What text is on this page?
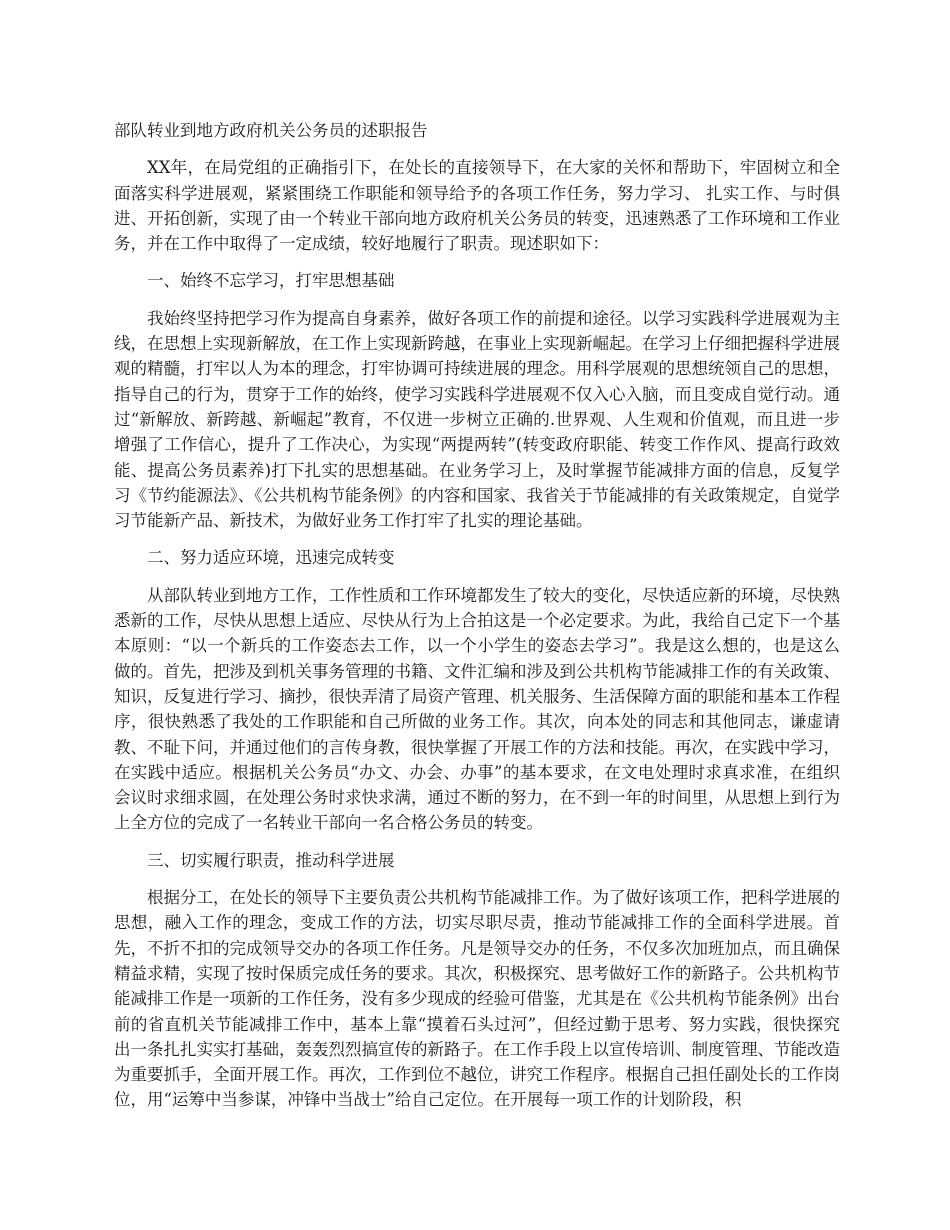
部队转业到地方政府机关公务员的述职报告

XX年，在局党组的正确指引下，在处长的直接领导下，在大家的关怀和帮助下，牢固树立和全面落实科学进展观，紧紧围绕工作职能和领导给予的各项工作任务，努力学习、 扎实工作、与时俱进、开拓创新，实现了由一个转业干部向地方政府机关公务员的转变，迅速熟悉了工作环境和工作业务，并在工作中取得了一定成绩，较好地履行了职责。现述职如下：

一、始终不忘学习，打牢思想基础

我始终坚持把学习作为提高自身素养，做好各项工作的前提和途径。以学习实践科学进展观为主线，在思想上实现新解放，在工作上实现新跨越，在事业上实现新崛起。在学习上仔细把握科学进展观的精髓，打牢以人为本的理念，打牢协调可持续进展的理念。用科学展观的思想统领自己的思想，指导自己的行为，贯穿于工作的始终，使学习实践科学进展观不仅入心入脑，而且变成自觉行动。通过“新解放、新跨越、新崛起”教育，不仅进一步树立正确的.世界观、人生观和价值观，而且进一步增强了工作信心，提升了工作决心，为实现“两提两转”(转变政府职能、转变工作作风、提高行政效能、提高公务员素养)打下扎实的思想基础。在业务学习上，及时掌握节能减排方面的信息，反复学习《节约能源法》、《公共机构节能条例》的内容和国家、我省关于节能减排的有关政策规定，自觉学习节能新产品、新技术，为做好业务工作打牢了扎实的理论基础。

二、努力适应环境，迅速完成转变

从部队转业到地方工作，工作性质和工作环境都发生了较大的变化，尽快适应新的环境，尽快熟悉新的工作，尽快从思想上适应、尽快从行为上合拍这是一个必定要求。为此，我给自己定下一个基本原则：“以一个新兵的工作姿态去工作，以一个小学生的姿态去学习”。我是这么想的，也是这么做的。首先，把涉及到机关事务管理的书籍、文件汇编和涉及到公共机构节能减排工作的有关政策、知识，反复进行学习、摘抄，很快弄清了局资产管理、机关服务、生活保障方面的职能和基本工作程序，很快熟悉了我处的工作职能和自己所做的业务工作。其次，向本处的同志和其他同志，谦虚请教、不耻下问，并通过他们的言传身教，很快掌握了开展工作的方法和技能。再次，在实践中学习，在实践中适应。根据机关公务员“办文、办会、办事”的基本要求，在文电处理时求真求准，在组织会议时求细求圆，在处理公务时求快求满，通过不断的努力，在不到一年的时间里，从思想上到行为上全方位的完成了一名转业干部向一名合格公务员的转变。

三、切实履行职责，推动科学进展

根据分工，在处长的领导下主要负责公共机构节能减排工作。为了做好该项工作，把科学进展的思想，融入工作的理念，变成工作的方法，切实尽职尽责，推动节能减排工作的全面科学进展。首先，不折不扣的完成领导交办的各项工作任务。凡是领导交办的任务，不仅多次加班加点，而且确保精益求精，实现了按时保质完成任务的要求。其次，积极探究、思考做好工作的新路子。公共机构节能减排工作是一项新的工作任务，没有多少现成的经验可借鉴，尤其是在《公共机构节能条例》出台前的省直机关节能减排工作中，基本上靠“摸着石头过河”，但经过勤于思考、努力实践，很快探究出一条扎扎实实打基础，轰轰烈烈搞宣传的新路子。在工作手段上以宣传培训、制度管理、节能改造为重要抓手，全面开展工作。再次，工作到位不越位，讲究工作程序。根据自己担任副处长的工作岗位，用“运筹中当参谋，冲锋中当战士”给自己定位。在开展每一项工作的计划阶段，积
